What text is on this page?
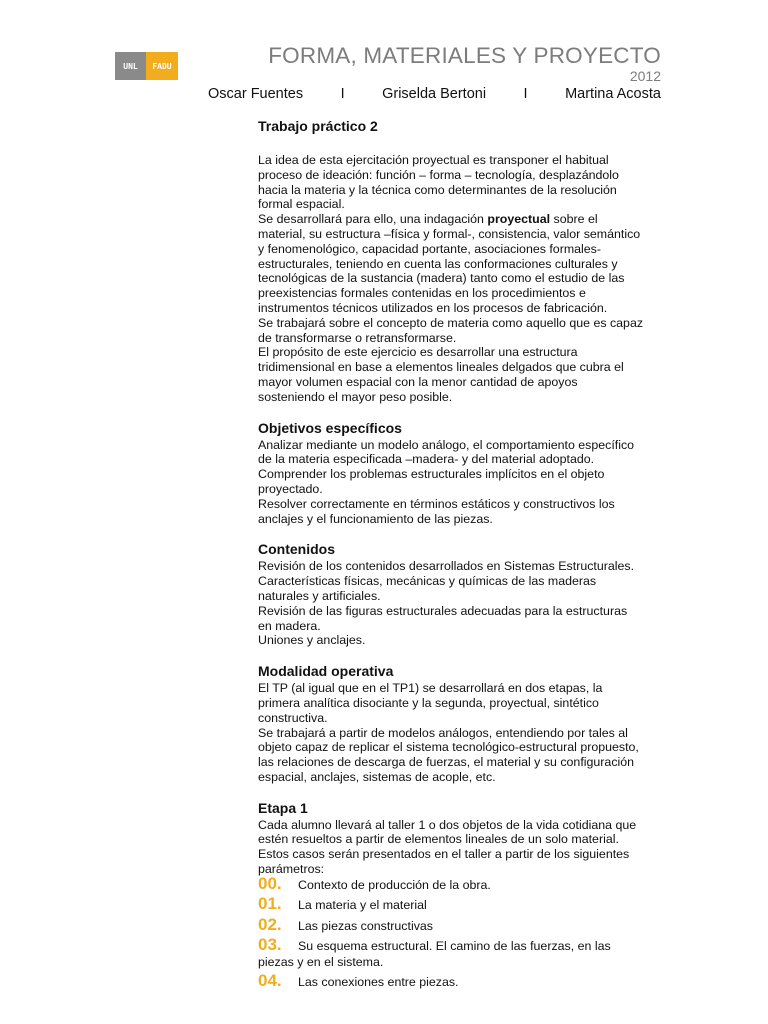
UNL	FADU	FORMA, MATERIALES Y PROYECTO
2012
Oscar Fuentes	I	Griselda Bertoni	I	Martina Acosta
Trabajo práctico 2
La idea de esta ejercitación proyectual es transponer el habitual
proceso de ideación: función – forma – tecnología, desplazándolo
hacia la materia y la técnica como determinantes de la resolución
formal espacial.
Se desarrollará para ello, una indagación proyectual sobre el
material, su estructura –física y formal-, consistencia, valor semántico
y fenomenológico, capacidad portante, asociaciones formales-
estructurales, teniendo en cuenta las conformaciones culturales y
tecnológicas de la sustancia (madera) tanto como el estudio de las
preexistencias formales contenidas en los procedimientos e
instrumentos técnicos utilizados en los procesos de fabricación.
Se trabajará sobre el concepto de materia como aquello que es capaz
de transformarse o retransformarse.
El propósito de este ejercicio es desarrollar una estructura
tridimensional en base a elementos lineales delgados que cubra el
mayor volumen espacial con la menor cantidad de apoyos
sosteniendo el mayor peso posible.
Objetivos específicos
Analizar mediante un modelo análogo, el comportamiento específico
de la materia especificada –madera- y del material adoptado.
Comprender los problemas estructurales implícitos en el objeto
proyectado.
Resolver correctamente en términos estáticos y constructivos los
anclajes y el funcionamiento de las piezas.
Contenidos
Revisión de los contenidos desarrollados en Sistemas Estructurales.
Características físicas, mecánicas y químicas de las maderas
naturales y artificiales.
Revisión de las figuras estructurales adecuadas para la estructuras
en madera.
Uniones y anclajes.
Modalidad operativa
El TP (al igual que en el TP1) se desarrollará en dos etapas, la
primera analítica disociante y la segunda, proyectual, sintético
constructiva.
Se trabajará a partir de modelos análogos, entendiendo por tales al
objeto capaz de replicar el sistema tecnológico-estructural propuesto,
las relaciones de descarga de fuerzas, el material y su configuración
espacial, anclajes, sistemas de acople, etc.
Etapa 1
Cada alumno llevará al taller 1 o dos objetos de la vida cotidiana que
estén resueltos a partir de elementos lineales de un solo material.
Estos casos serán presentados en el taller a partir de los siguientes
parámetros:
00.	Contexto de producción de la obra.
01.	La materia y el material
02.	Las piezas constructivas
03.	Su esquema estructural. El camino de las fuerzas, en las
piezas y en el sistema.
04.	Las conexiones entre piezas.
